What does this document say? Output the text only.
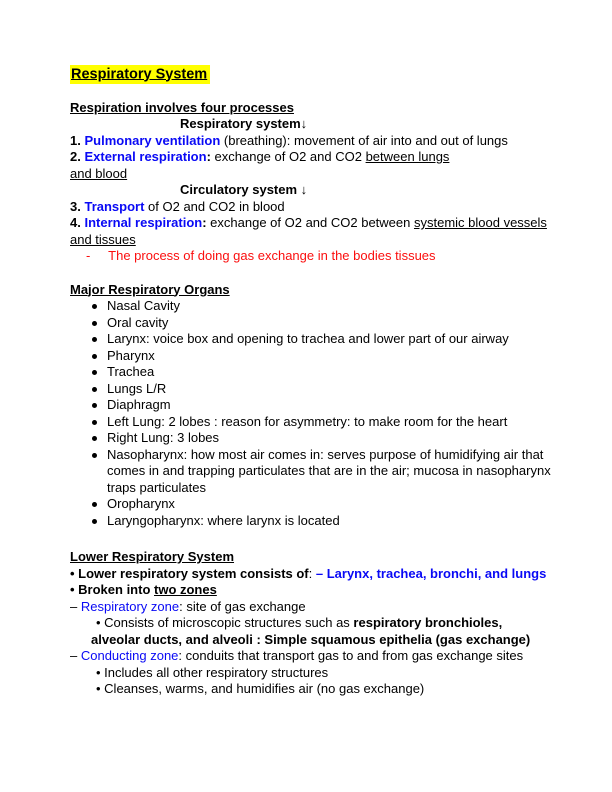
Respiratory System
Respiration involves four processes
Respiratory system↓
1. Pulmonary ventilation (breathing): movement of air into and out of lungs
2. External respiration: exchange of O2 and CO2 between lungs
and blood
Circulatory system ↓
3. Transport of O2 and CO2 in blood
4. Internal respiration: exchange of O2 and CO2 between systemic blood vessels
and tissues
-     The process of doing gas exchange in the bodies tissues
Major Respiratory Organs
Nasal Cavity
Oral cavity
Larynx: voice box and opening to trachea and lower part of our airway
Pharynx
Trachea
Lungs L/R
Diaphragm
Left Lung: 2 lobes : reason for asymmetry: to make room for the heart
Right Lung: 3 lobes
Nasopharynx: how most air comes in: serves purpose of humidifying air that
comes in and trapping particulates that are in the air; mucosa in nasopharynx
traps particulates
Oropharynx
Laryngopharynx: where larynx is located
Lower Respiratory System
• Lower respiratory system consists of: – Larynx, trachea, bronchi, and lungs
• Broken into two zones
– Respiratory zone: site of gas exchange
• Consists of microscopic structures such as respiratory bronchioles,
alveolar ducts, and alveoli : Simple squamous epithelia (gas exchange)
– Conducting zone: conduits that transport gas to and from gas exchange sites
• Includes all other respiratory structures
• Cleanses, warms, and humidifies air (no gas exchange)
